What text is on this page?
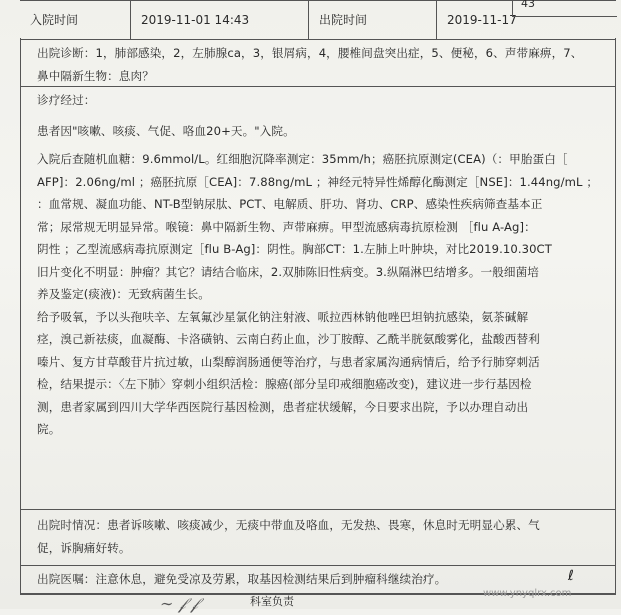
入院时间	2019-11-01 14:43	出院时间	2019-11-17
43

出院诊断：1，肺部感染，2，左肺腺ca，3，银屑病，4，腰椎间盘突出症，5、便秘，6、声带麻痹，7、

鼻中隔新生物：息肉？

诊疗经过：

患者因"咳嗽、咳痰、气促、咯血20+天。"入院。

入院后查随机血糖：9.6mmol/L。红细胞沉降率测定：35mm/h；癌胚抗原测定(CEA)（：甲胎蛋白［

AFP]：2.06ng/ml ；癌胚抗原［CEA]：7.88ng/mL ；神经元特异性烯醇化酶测定［NSE]：1.44ng/mL ；

：血常规、凝血功能、NT-B型钠尿肽、PCT、电解质、肝功、肾功、CRP、感染性疾病筛查基本正

常；尿常规无明显异常。喉镜：鼻中隔新生物、声带麻痹。甲型流感病毒抗原检测 ［flu A-Ag]：

阴性 ；乙型流感病毒抗原测定［flu B-Ag]：阴性。胸部CT：1.左肺上叶肿块，对比2019.10.30CT

旧片变化不明显：肿瘤？其它？请结合临床，2.双肺陈旧性病变。3.纵隔淋巴结增多。一般细菌培

养及鉴定(痰液)：无致病菌生长。

给予吸氧，予以头孢呋辛、左氧氟沙星氯化钠注射液、哌拉西林钠他唑巴坦钠抗感染，氨茶碱解

痉，溴己新祛痰，血凝酶、卡洛磺钠、云南白药止血，沙丁胺醇、乙酰半胱氨酸雾化，盐酸西替利

嗪片、复方甘草酸苷片抗过敏，山梨醇润肠通便等治疗，与患者家属沟通病情后，给予行肺穿刺活

检，结果提示：〈左下肺〉穿刺小组织活检：腺癌(部分呈印戒细胞癌改变)，建议进一步行基因检

测，患者家属到四川大学华西医院行基因检测，患者症状缓解，今日要求出院，予以办理自动出

院。

出院时情况：患者诉咳嗽、咳痰减少，无痰中带血及咯血，无发热、畏寒，休息时无明显心累、气

促，诉胸痛好转。

出院医嘱：注意休息，避免受凉及劳累，取基因检测结果后到肿瘤科继续治疗。	ℓ
科室负责
∼ 𝒻 𝒻
www.ynyqlrx.com
